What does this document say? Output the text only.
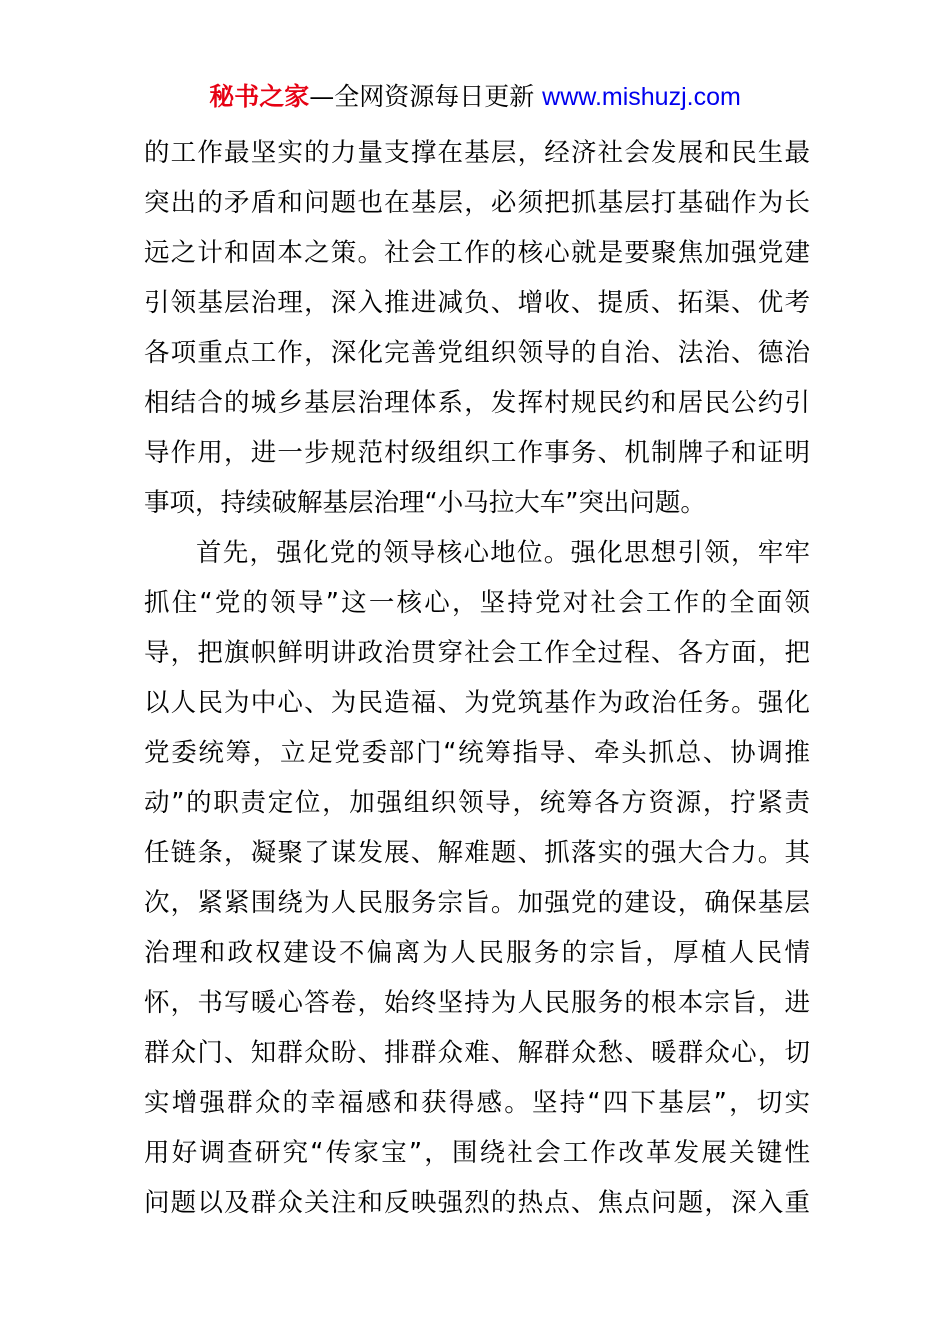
秘书之家—全网资源每日更新 www.mishuzj.com
的工作最坚实的力量支撑在基层，经济社会发展和民生最
突出的矛盾和问题也在基层，必须把抓基层打基础作为长
远之计和固本之策。社会工作的核心就是要聚焦加强党建
引领基层治理，深入推进减负、增收、提质、拓渠、优考
各项重点工作，深化完善党组织领导的自治、法治、德治
相结合的城乡基层治理体系，发挥村规民约和居民公约引
导作用，进一步规范村级组织工作事务、机制牌子和证明
事项，持续破解基层治理“小马拉大车”突出问题。
首先，强化党的领导核心地位。强化思想引领，牢牢
抓住“党的领导”这一核心，坚持党对社会工作的全面领
导，把旗帜鲜明讲政治贯穿社会工作全过程、各方面，把
以人民为中心、为民造福、为党筑基作为政治任务。强化
党委统筹，立足党委部门“统筹指导、牵头抓总、协调推
动”的职责定位，加强组织领导，统筹各方资源，拧紧责
任链条，凝聚了谋发展、解难题、抓落实的强大合力。其
次，紧紧围绕为人民服务宗旨。加强党的建设，确保基层
治理和政权建设不偏离为人民服务的宗旨，厚植人民情
怀，书写暖心答卷，始终坚持为人民服务的根本宗旨，进
群众门、知群众盼、排群众难、解群众愁、暖群众心，切
实增强群众的幸福感和获得感。坚持“四下基层”，切实
用好调查研究“传家宝”，围绕社会工作改革发展关键性
问题以及群众关注和反映强烈的热点、焦点问题，深入重
